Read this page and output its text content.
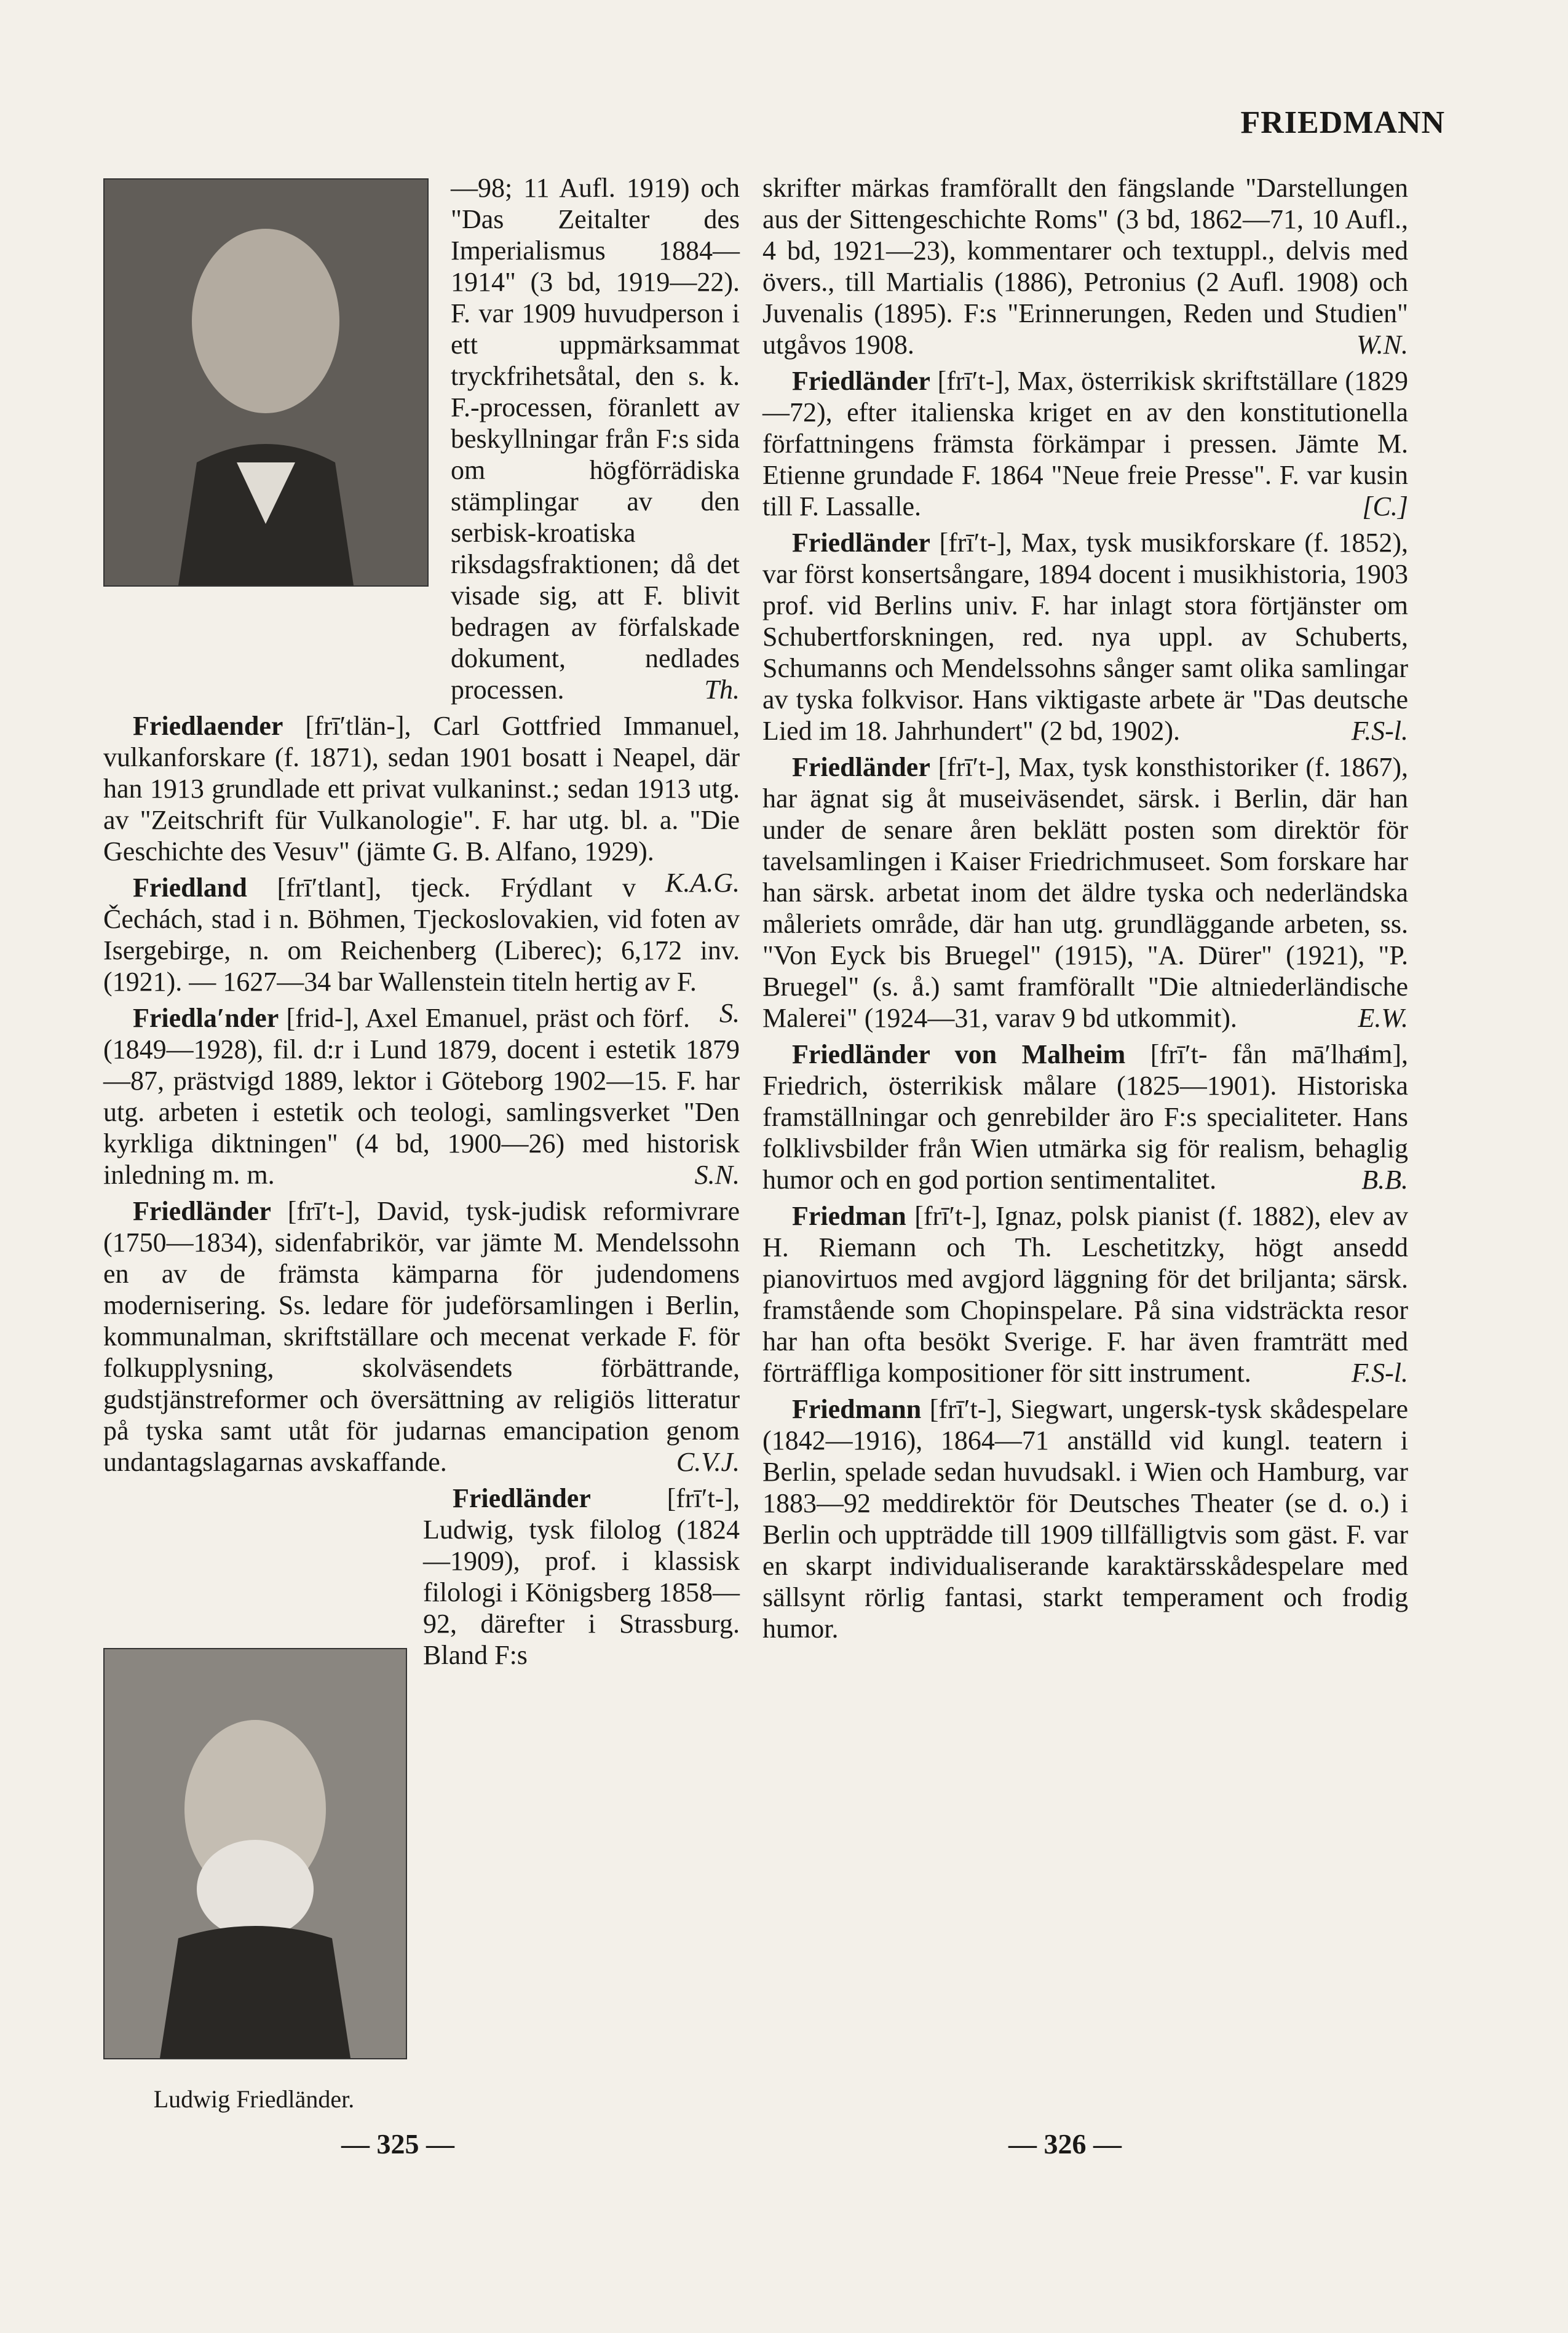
FRIEDMANN
Ludwig Friedländer.

—98; 11 Aufl. 1919) och "Das Zeitalter des Imperialismus 1884—1914" (3 bd, 1919—22). F. var 1909 huvudperson i ett uppmärksammat tryckfrihetsåtal, den s. k. F.-processen, föranlett av beskyllningar från F:s sida om högförrädiska stämplingar av den serbisk-kroatiska riksdagsfraktionen; då det visade sig, att F. blivit bedragen av förfalskade dokument, nedlades processen.	Th.

Friedlaender [frīʹtlän-], Carl Gottfried Immanuel, vulkanforskare (f. 1871), sedan 1901 bosatt i Neapel, där han 1913 grundlade ett privat vulkaninst.; sedan 1913 utg. av "Zeitschrift für Vulkanologie". F. har utg. bl. a. "Die Geschichte des Vesuv" (jämte G. B. Alfano, 1929).
K.A.G.

Friedland [frīʹtlant], tjeck. Frýdlant v Čechách, stad i n. Böhmen, Tjeckoslovakien, vid foten av Isergebirge, n. om Reichenberg (Liberec); 6,172 inv. (1921). — 1627—34 bar Wallenstein titeln hertig av F.
S.

Friedlaʹnder [frid-], Axel Emanuel, präst och förf. (1849—1928), fil. d:r i Lund 1879, docent i estetik 1879—87, prästvigd 1889, lektor i Göteborg 1902—15. F. har utg. arbeten i estetik och teologi, samlingsverket "Den kyrkliga diktningen" (4 bd, 1900—26) med historisk inledning m. m.	S.N.

Friedländer [frīʹt-], David, tysk-judisk reformivrare (1750—1834), sidenfabrikör, var jämte M. Mendelssohn en av de främsta kämparna för judendomens modernisering. Ss. ledare för judeförsamlingen i Berlin, kommunalman, skriftställare och mecenat verkade F. för folkupplysning, skolväsendets förbättrande, gudstjänstreformer och översättning av religiös litteratur på tyska samt utåt för judarnas emancipation genom undantagslagarnas avskaffande.	C.V.J.

Friedländer [frīʹt-], Ludwig, tysk filolog (1824—1909), prof. i klassisk filologi i Königsberg 1858—92, därefter i Strassburg. Bland F:s

skrifter märkas framförallt den fängslande "Darstellungen aus der Sittengeschichte Roms" (3 bd, 1862—71, 10 Aufl., 4 bd, 1921—23), kommentarer och textuppl., delvis med övers., till Martialis (1886), Petronius (2 Aufl. 1908) och Juvenalis (1895). F:s "Erinnerungen, Reden und Studien" utgåvos 1908.	W.N.

Friedländer [frīʹt-], Max, österrikisk skriftställare (1829—72), efter italienska kriget en av den konstitutionella författningens främsta förkämpar i pressen. Jämte M. Etienne grundade F. 1864 "Neue freie Presse". F. var kusin till F. Lassalle.	[C.]

Friedländer [frīʹt-], Max, tysk musikforskare (f. 1852), var först konsertsångare, 1894 docent i musikhistoria, 1903 prof. vid Berlins univ. F. har inlagt stora förtjänster om Schubertforskningen, red. nya uppl. av Schuberts, Schumanns och Mendelssohns sånger samt olika samlingar av tyska folkvisor. Hans viktigaste arbete är "Das deutsche Lied im 18. Jahrhundert" (2 bd, 1902).	F.S-l.

Friedländer [frīʹt-], Max, tysk konsthistoriker (f. 1867), har ägnat sig åt museiväsendet, särsk. i Berlin, där han under de senare åren beklätt posten som direktör för tavelsamlingen i Kaiser Friedrichmuseet. Som forskare har han särsk. arbetat inom det äldre tyska och nederländska måleriets område, där han utg. grundläggande arbeten, ss. "Von Eyck bis Bruegel" (1915), "A. Dürer" (1921), "P. Bruegel" (s. å.) samt framförallt "Die altniederländische Malerei" (1924—31, varav 9 bd utkommit).	E.W.

Friedländer von Malheim [frīʹt- fån māʹlhaͦim], Friedrich, österrikisk målare (1825—1901). Historiska framställningar och genrebilder äro F:s specialiteter. Hans folklivsbilder från Wien utmärka sig för realism, behaglig humor och en god portion sentimentalitet.	B.B.

Friedman [frīʹt-], Ignaz, polsk pianist (f. 1882), elev av H. Riemann och Th. Leschetitzky, högt ansedd pianovirtuos med avgjord läggning för det briljanta; särsk. framstående som Chopinspelare. På sina vidsträckta resor har han ofta besökt Sverige. F. har även framträtt med förträffliga kompositioner för sitt instrument.	F.S-l.

Friedmann [frīʹt-], Siegwart, ungersk-tysk skådespelare (1842—1916), 1864—71 anställd vid kungl. teatern i Berlin, spelade sedan huvudsakl. i Wien och Hamburg, var 1883—92 meddirektör för Deutsches Theater (se d. o.) i Berlin och uppträdde till 1909 tillfälligtvis som gäst. F. var en skarpt individualiserande karaktärsskådespelare med sällsynt rörlig fantasi, starkt temperament och frodig humor.

— 325 —	— 326 —
